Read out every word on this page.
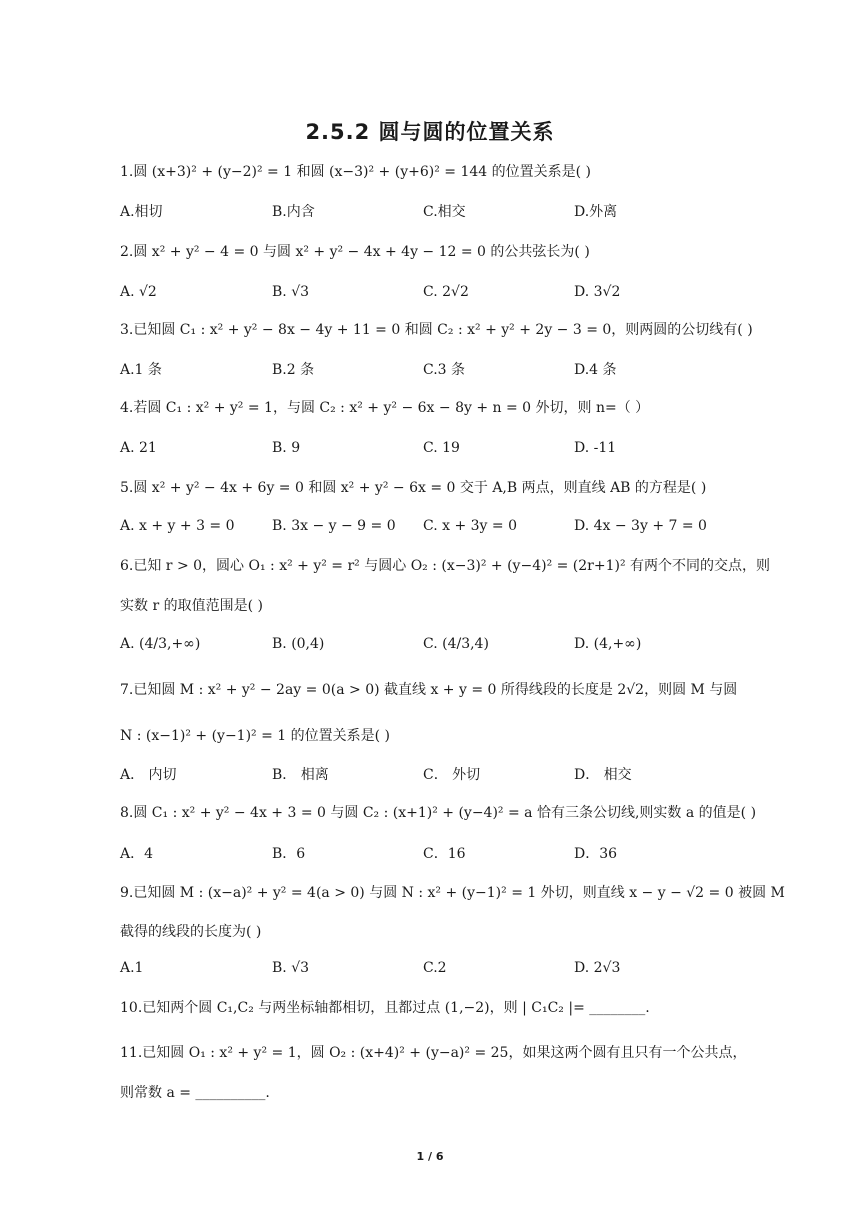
2.5.2 圆与圆的位置关系
1.圆 (x+3)² + (y−2)² = 1 和圆 (x−3)² + (y+6)² = 144 的位置关系是( )
A.相切	B.内含	C.相交	D.外离
2.圆 x² + y² − 4 = 0 与圆 x² + y² − 4x + 4y − 12 = 0 的公共弦长为( )
A. √2	B. √3	C. 2√2	D. 3√2
3.已知圆 C₁ : x² + y² − 8x − 4y + 11 = 0 和圆 C₂ : x² + y² + 2y − 3 = 0，则两圆的公切线有( )
A.1 条	B.2 条	C.3 条	D.4 条
4.若圆 C₁ : x² + y² = 1，与圆 C₂ : x² + y² − 6x − 8y + n = 0 外切，则 n=（ ）
A. 21	B. 9	C. 19	D. -11
5.圆 x² + y² − 4x + 6y = 0 和圆 x² + y² − 6x = 0 交于 A,B 两点，则直线 AB 的方程是( )
A. x + y + 3 = 0	B. 3x − y − 9 = 0 C. x + 3y = 0	D. 4x − 3y + 7 = 0
6.已知 r > 0，圆心 O₁ : x² + y² = r² 与圆心 O₂ : (x−3)² + (y−4)² = (2r+1)² 有两个不同的交点，则
实数 r 的取值范围是( )
A. (4/3,+∞)	B. (0,4)	C. (4/3,4)	D. (4,+∞)
7.已知圆 M : x² + y² − 2ay = 0(a > 0) 截直线 x + y = 0 所得线段的长度是 2√2，则圆 M 与圆
N : (x−1)² + (y−1)² = 1 的位置关系是( )
A． 内切	B． 相离	C． 外切	D． 相交
8.圆 C₁ : x² + y² − 4x + 3 = 0 与圆 C₂ : (x+1)² + (y−4)² = a 恰有三条公切线,则实数 a 的值是( )
A．4	B．6	C．16	D．36
9.已知圆 M : (x−a)² + y² = 4(a > 0) 与圆 N : x² + (y−1)² = 1 外切，则直线 x − y − √2 = 0 被圆 M
截得的线段的长度为( )
A.1	B. √3	C.2	D. 2√3
10.已知两个圆 C₁,C₂ 与两坐标轴都相切，且都过点 (1,−2)，则 | C₁C₂ |= ________.
11.已知圆 O₁ : x² + y² = 1，圆 O₂ : (x+4)² + (y−a)² = 25，如果这两个圆有且只有一个公共点，
则常数 a = __________.
1 / 6
